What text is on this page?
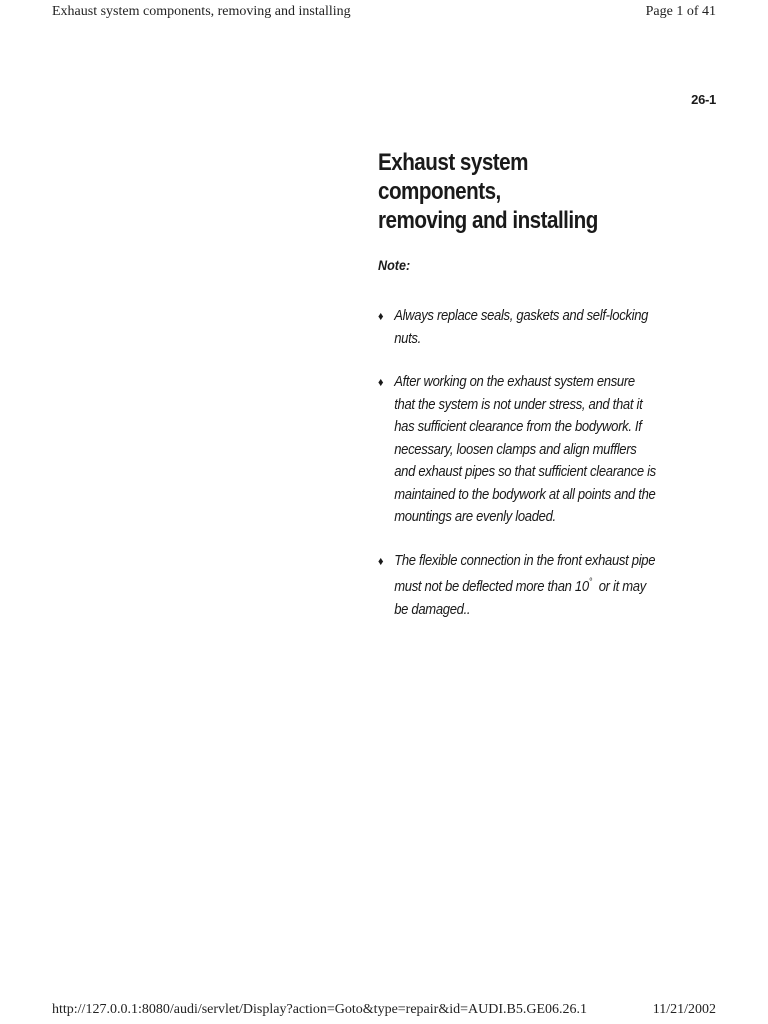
Exhaust system components, removing and installing	Page 1 of 41
26-1
Exhaust system components,
removing and installing
Note:
♦ Always replace seals, gaskets and self-locking
nuts.
♦ After working on the exhaust system ensure
that the system is not under stress, and that it
has sufficient clearance from the bodywork. If
necessary, loosen clamps and align mufflers
and exhaust pipes so that sufficient clearance is
maintained to the bodywork at all points and the
mountings are evenly loaded.
♦ The flexible connection in the front exhaust pipe
must not be deflected more than 10°  or it may
be damaged..
http://127.0.0.1:8080/audi/servlet/Display?action=Goto&type=repair&id=AUDI.B5.GE06.26.1	11/21/2002
